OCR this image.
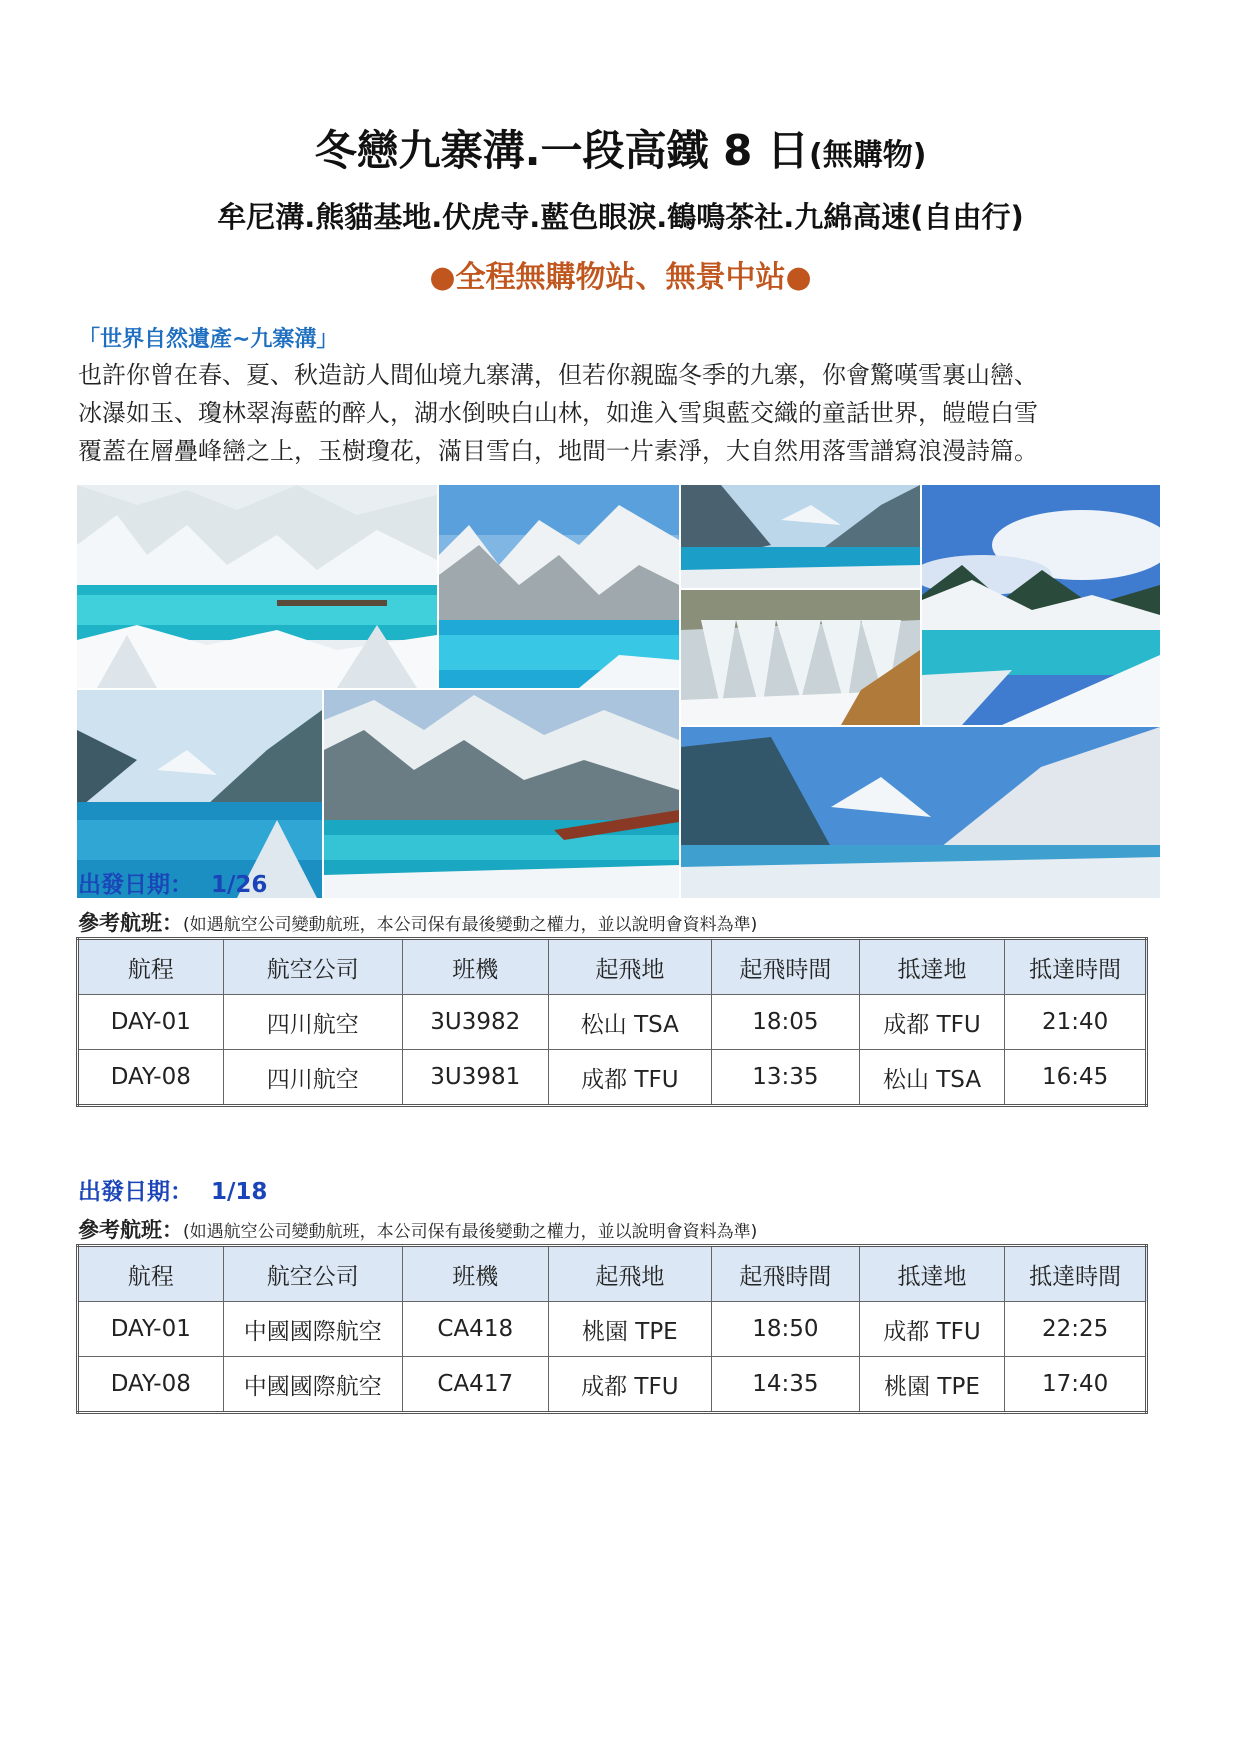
冬戀九寨溝.一段高鐵 8 日(無購物)
牟尼溝.熊貓基地.伏虎寺.藍色眼淚.鶴鳴茶社.九綿高速(自由行)
●全程無購物站、無景中站●
「世界自然遺產~九寨溝」
也許你曾在春、夏、秋造訪人間仙境九寨溝，但若你親臨冬季的九寨，你會驚嘆雪裏山巒、
冰瀑如玉、瓊林翠海藍的醉人，湖水倒映白山林，如進入雪與藍交織的童話世界，皚皚白雪
覆蓋在層疊峰巒之上，玉樹瓊花，滿目雪白，地間一片素淨，大自然用落雪譜寫浪漫詩篇。
出發日期： 1/26
參考航班：(如遇航空公司變動航班，本公司保有最後變動之權力，並以說明會資料為準)
航程	航空公司	班機	起飛地	起飛時間	抵達地	抵達時間
DAY-01	四川航空	3U3982	松山 TSA	18:05	成都 TFU	21:40
DAY-08	四川航空	3U3981	成都 TFU	13:35	松山 TSA	16:45
出發日期： 1/18
參考航班：(如遇航空公司變動航班，本公司保有最後變動之權力，並以說明會資料為準)
航程	航空公司	班機	起飛地	起飛時間	抵達地	抵達時間
DAY-01	中國國際航空	CA418	桃園 TPE	18:50	成都 TFU	22:25
DAY-08	中國國際航空	CA417	成都 TFU	14:35	桃園 TPE	17:40
